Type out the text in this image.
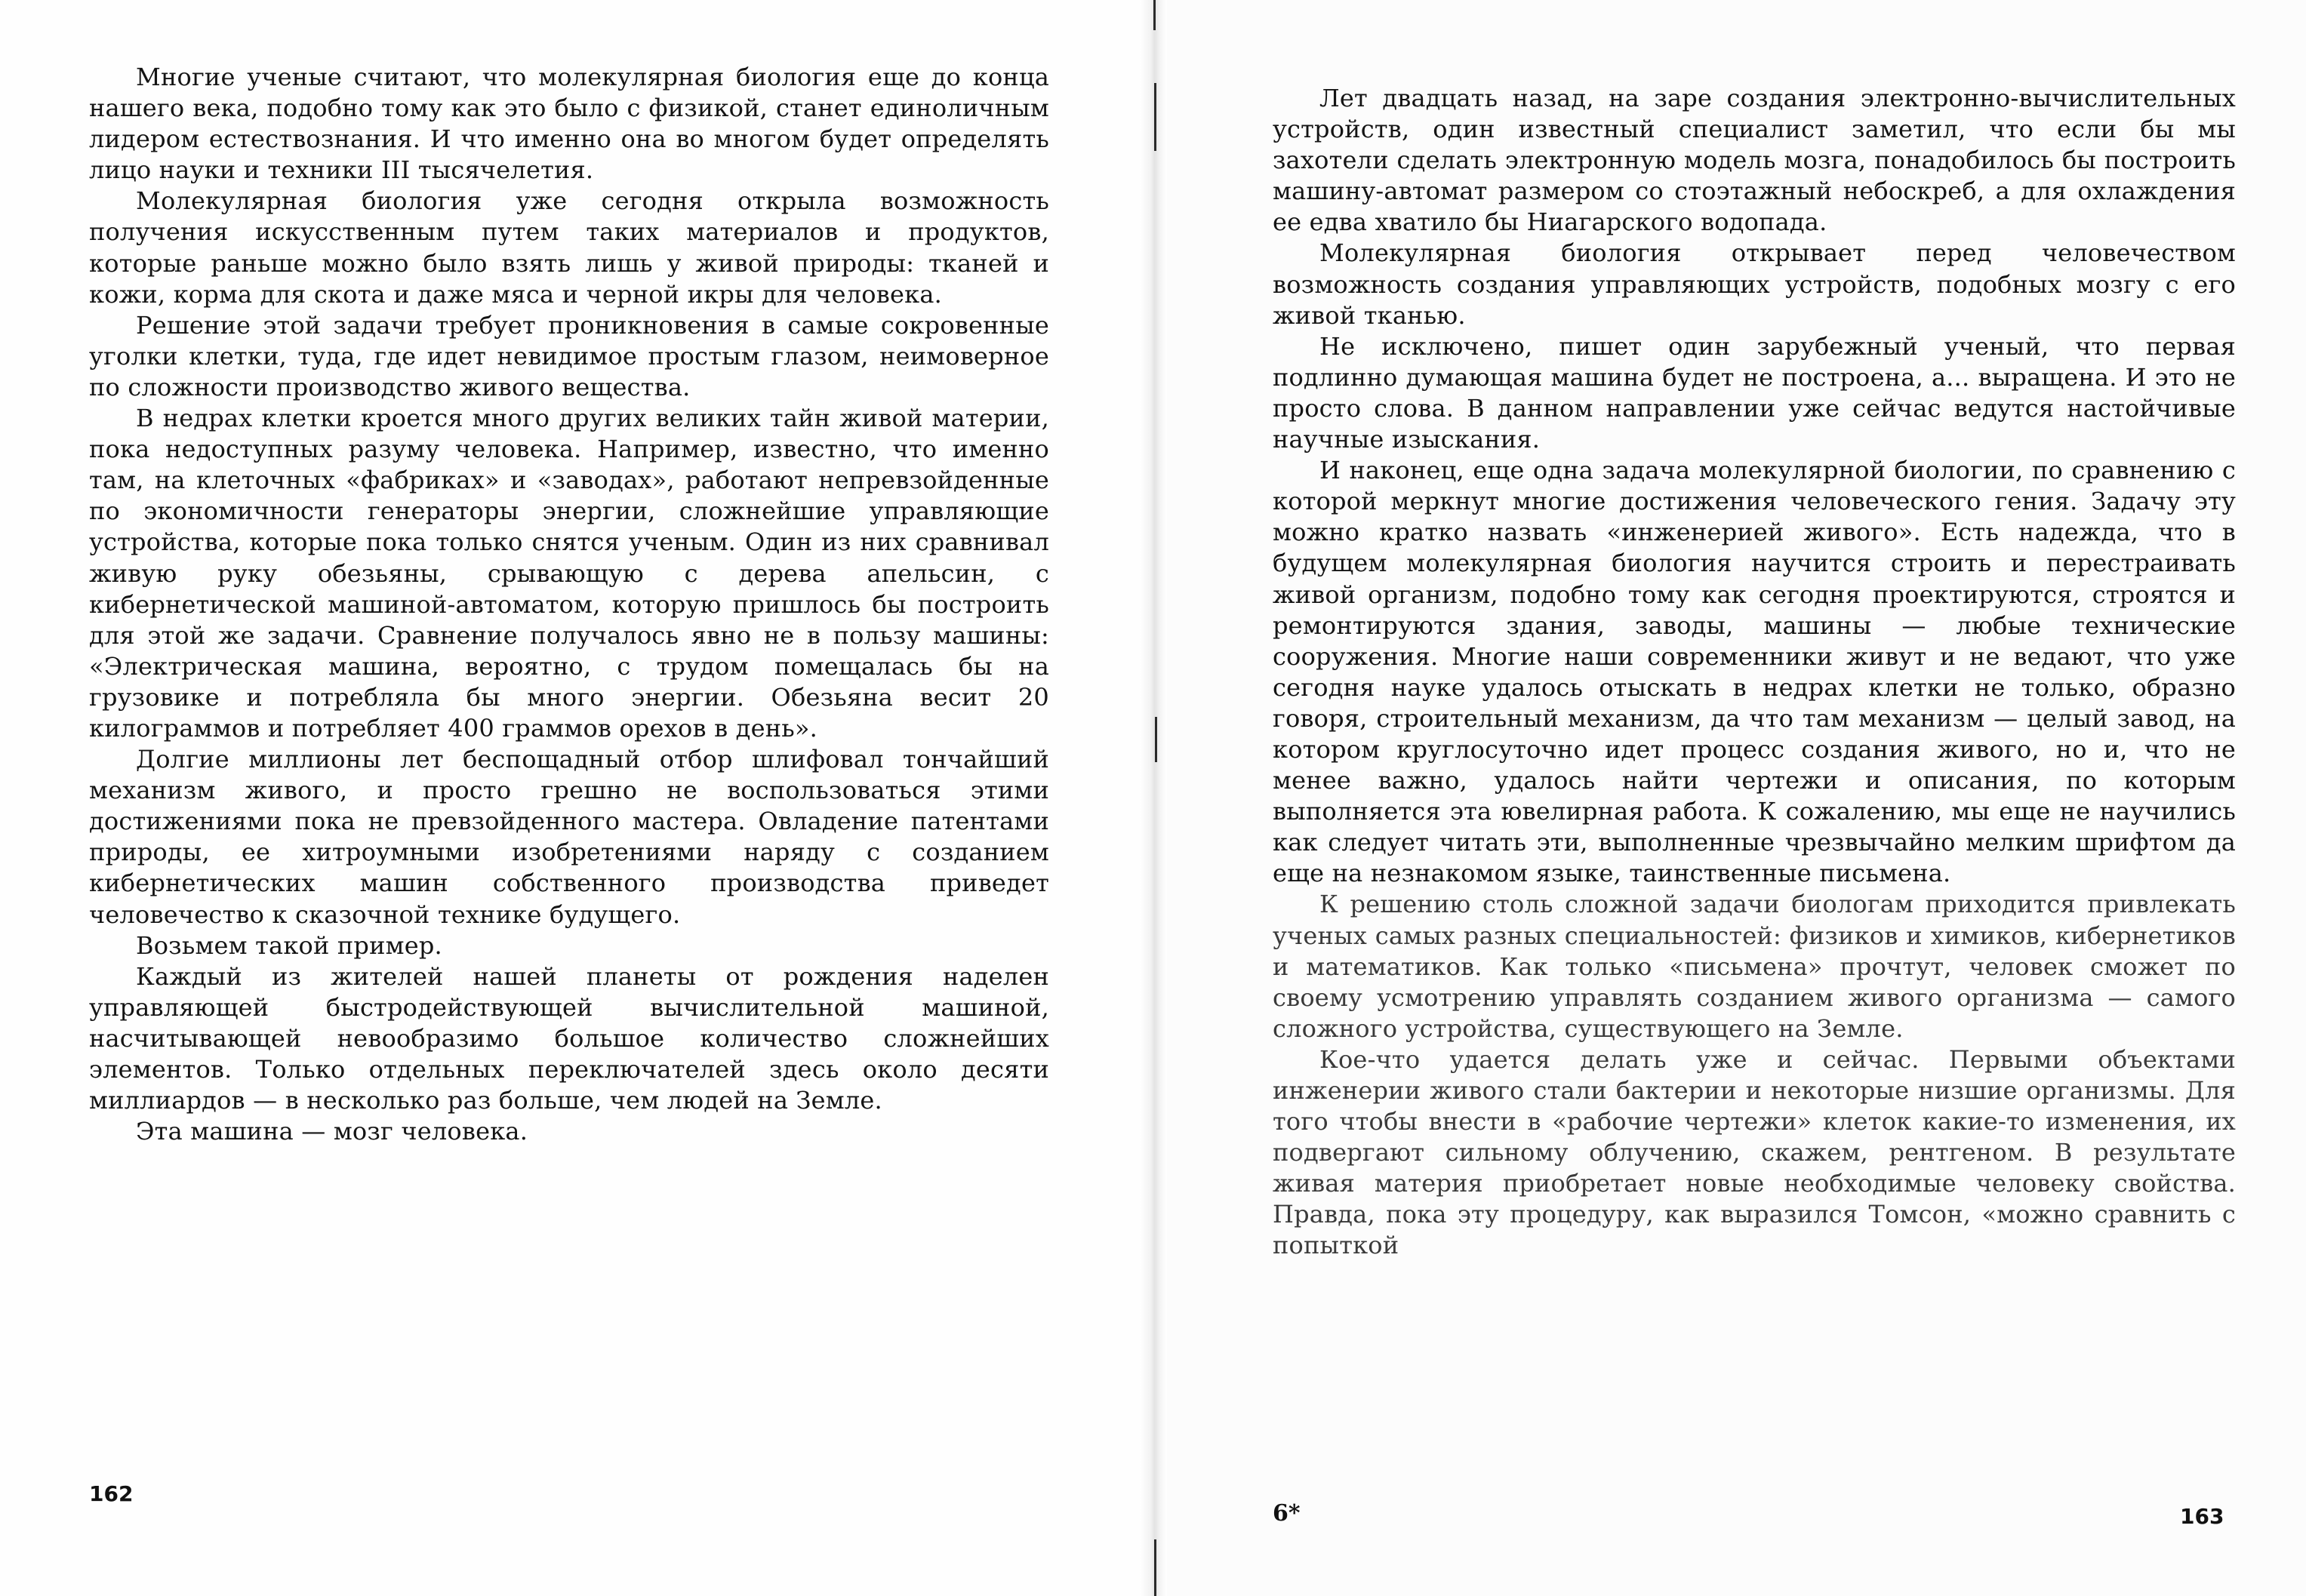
Многие ученые считают, что молекулярная биология еще до конца нашего века, подобно тому как это было с физикой, станет единоличным лидером естествознания. И что именно она во многом будет определять лицо науки и техники III тысячелетия.

Молекулярная биология уже сегодня открыла возможность получения искусственным путем таких материалов и продуктов, которые раньше можно было взять лишь у живой природы: тканей и кожи, корма для скота и даже мяса и черной икры для человека.

Решение этой задачи требует проникновения в самые сокровенные уголки клетки, туда, где идет невидимое простым глазом, неимоверное по сложности производство живого вещества.

В недрах клетки кроется много других великих тайн живой материи, пока недоступных разуму человека. Например, известно, что именно там, на клеточных «фабриках» и «заводах», работают непревзойденные по экономичности генераторы энергии, сложнейшие управляющие устройства, которые пока только снятся ученым. Один из них сравнивал живую руку обезьяны, срывающую с дерева апельсин, с кибернетической машиной-автоматом, которую пришлось бы построить для этой же задачи. Сравнение получалось явно не в пользу машины: «Электрическая машина, вероятно, с трудом помещалась бы на грузовике и потребляла бы много энергии. Обезьяна весит 20 килограммов и потребляет 400 граммов орехов в день».

Долгие миллионы лет беспощадный отбор шлифовал тончайший механизм живого, и просто грешно не воспользоваться этими достижениями пока не превзойденного мастера. Овладение патентами природы, ее хитроумными изобретениями наряду с созданием кибернетических машин собственного производства приведет человечество к сказочной технике будущего.

Возьмем такой пример.

Каждый из жителей нашей планеты от рождения наделен управляющей быстродействующей вычислительной машиной, насчитывающей невообразимо большое количество сложнейших элементов. Только отдельных переключателей здесь около десяти миллиардов — в несколько раз больше, чем людей на Земле.

Эта машина — мозг человека.

162

Лет двадцать назад, на заре создания электронно-вычислительных устройств, один известный специалист заметил, что если бы мы захотели сделать электронную модель мозга, понадобилось бы построить машину-автомат размером со стоэтажный небоскреб, а для охлаждения ее едва хватило бы Ниагарского водопада.

Молекулярная биология открывает перед человечеством возможность создания управляющих устройств, подобных мозгу с его живой тканью.

Не исключено, пишет один зарубежный ученый, что первая подлинно думающая машина будет не построена, а... выращена. И это не просто слова. В данном направлении уже сейчас ведутся настойчивые научные изыскания.

И наконец, еще одна задача молекулярной биологии, по сравнению с которой меркнут многие достижения человеческого гения. Задачу эту можно кратко назвать «инженерией живого». Есть надежда, что в будущем молекулярная биология научится строить и перестраивать живой организм, подобно тому как сегодня проектируются, строятся и ремонтируются здания, заводы, машины — любые технические сооружения. Многие наши современники живут и не ведают, что уже сегодня науке удалось отыскать в недрах клетки не только, образно говоря, строительный механизм, да что там механизм — целый завод, на котором круглосуточно идет процесс создания живого, но и, что не менее важно, удалось найти чертежи и описания, по которым выполняется эта ювелирная работа. К сожалению, мы еще не научились как следует читать эти, выполненные чрезвычайно мелким шрифтом да еще на незнакомом языке, таинственные письмена.

К решению столь сложной задачи биологам приходится привлекать ученых самых разных специальностей: физиков и химиков, кибернетиков и математиков. Как только «письмена» прочтут, человек сможет по своему усмотрению управлять созданием живого организма — самого сложного устройства, существующего на Земле.

Кое-что удается делать уже и сейчас. Первыми объектами инженерии живого стали бактерии и некоторые низшие организмы. Для того чтобы внести в «рабочие чертежи» клеток какие-то изменения, их подвергают сильному облучению, скажем, рентгеном. В результате живая материя приобретает новые необходимые человеку свойства. Правда, пока эту процедуру, как выразился Томсон, «можно сравнить с попыткой

6*	163
